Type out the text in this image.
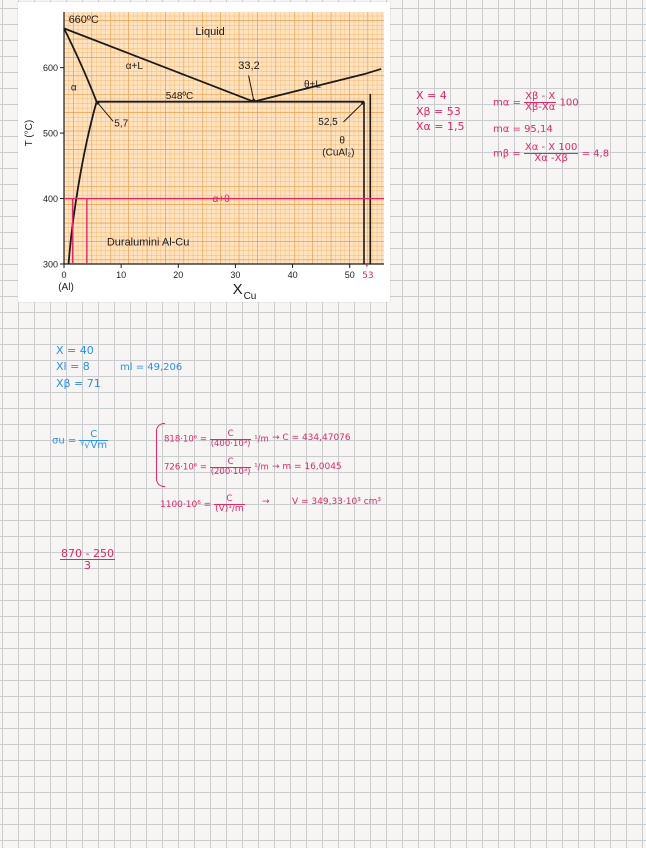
300
400
500
600
0	10	20	30	40	50 53
(Al)
T (°C)
X Cu
660ºC
Liquid
α+L
α
548ºC
33,2
θ+L
5,7	52,5
θ
(CuAl₂)
α+θ
Duralumini Al-Cu
X = 4
Xβ = 53
Xα = 1,5
$m\alpha = \frac{X\beta - X}{X\beta-X\alpha} 100$
mα = 95,14
$m\beta = \frac{X\alpha - X 100}{X\alpha -X\beta} = 4,8$
X = 40
Xl = 8
Xβ = 71
ml = 49,206
$\sigma u = \frac{C}{\text{ᵞ√Vm}}$	$818\cdot 10^6 = \frac{C}{\text{(400·10³)}} ^1/m \to C = 434,47076$
$726\cdot 10^6 = \frac{C}{\text{(200·10³)}} ^1/m \to m = 16,0045$
$1100\cdot 10^6 = \frac{C}{\text{(V)¹/m}} \to V = 349,33\cdot 10^3$ cm³
$\frac{870 - 250}{3}$
